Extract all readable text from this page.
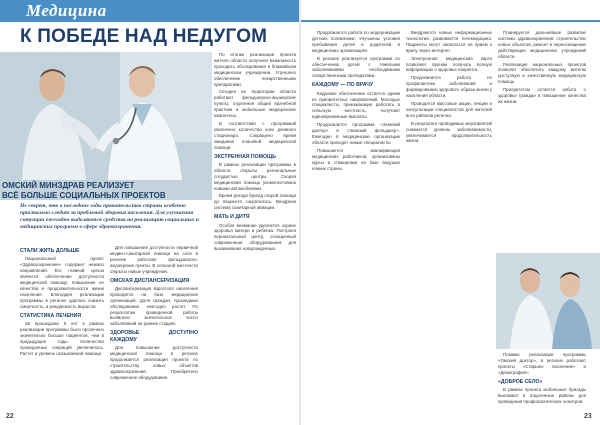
Медицина
К ПОБЕДЕ НАД НЕДУГОМ
ОМСКИЙ МИНЗДРАВ РЕАЛИЗУЕТ
ВСЁ БОЛЬШЕ СОЦИАЛЬНЫХ ПРОЕКТОВ
Не секрет, что в последние годы правительство страны особенно пристально следит за проблемой здоровья населения. Для улучшения ситуации ежегодно выделяются средства на реализацию социальных и медицинских программ в сфере здравоохранения.
СТАЛИ ЖИТЬ ДОЛЬШЕ

Национальный проект «Здравоохранение» содержит немало направлений. Его главной целью является обеспечение доступности медицинской помощи, повышение ее качества и продолжительности жизни населения. Благодаря реализации программы в регионе удалось снизить смертность, а рождаемость выросла.

СТАТИСТИКА ЛЕЧЕНИЯ

За прошедшие 5 лет в рамках реализации программы было пролечено значительно больше пациентов, чем в предыдущие годы. Количество проведенных операций увеличилось. Растет и уровень оказываемой помощи.

Для повышения доступности первичной медико-санитарной помощи на селе в регионе работают фельдшерско-акушерские пункты. В сельской местности открыты новые учреждения.

ОМСКАЯ ДИСПАНСЕРИЗАЦИЯ

Диспансеризация взрослого населения проводится на базе медицинских организаций. Доля граждан, прошедших обследование, ежегодно растет. По результатам проведенной работы выявлено значительное число заболеваний на ранних стадиях.

ЗДОРОВЬЕ ДОСТУПНО КАЖДОМУ

Для повышения доступности медицинской помощи в регионе продолжается реализация проекта по строительству новых объектов здравоохранения. Приобретено современное оборудование.

По итогам реализации проекта жители области получили возможность проходить обследования в ближайшем медицинском учреждении. Улучшено обеспечение лекарственными препаратами.

Сегодня на территории области работают фельдшерско-акушерские пункты, отделения общей врачебной практики и мобильные медицинские комплексы.

В соответствии с программой увеличено количество коек дневного стационара. Сокращено время ожидания плановой медицинской помощи.

ЭКСТРЕННАЯ ПОМОЩЬ

В рамках реализации программы в области открыты региональные сосудистые центры. Скорая медицинская помощь укомплектована новыми автомобилями.

Время доезда бригад скорой помощи до пациента сократилось. Внедрена система санитарной авиации.

МАТЬ И ДИТЯ

Особое внимание уделяется охране здоровья матери и ребенка. Построен перинатальный центр, оснащенный современным оборудованием для выхаживания новорожденных.

Продолжается работа по модернизации детских поликлиник. Улучшены условия пребывания детей и родителей в медицинских организациях.

В регионе реализуется программа по обеспечению детей с тяжелыми заболеваниями необходимыми лекарственными препаратами.

КАЖДОМУ — ПО ВРАЧУ

Кадровое обеспечение остается одним из приоритетных направлений. Молодые специалисты, приезжающие работать в сельскую местность, получают единовременные выплаты.

Продолжается программа «Земский доктор» и «Земский фельдшер». Ежегодно в медицинские организации области приходят новые специалисты.

Повышается квалификация медицинских работников, организованы курсы и стажировки на базе ведущих клиник страны.

Внедряются новые информационные технологии, развивается телемедицина. Пациенты могут записаться на прием к врачу через интернет.

Электронная медицинская карта позволяет врачам получать полную информацию о здоровье пациента.

Продолжается работа по профилактике заболеваний и формированию здорового образа жизни у населения области.

Проводятся массовые акции, лекции и консультации специалистов для жителей всех районов региона.

В результате проводимых мероприятий снижается уровень заболеваемости, увеличивается продолжительность жизни.

Планируется дальнейшее развитие системы здравоохранения: строительство новых объектов, ремонт и переоснащение действующих медицинских учреждений области.

Реализация национальных проектов позволит обеспечить каждому жителю доступную и качественную медицинскую помощь.

Приоритетом остается забота о здоровье граждан и повышение качества их жизни.

Помимо реализации программы «Омский доктор», в регионе работают проекты «Старшее поколение» и «Демография».

«ДОБРОЕ СЕЛО»

В рамках проекта мобильные бригады выезжают в отдаленные районы для проведения профилактических осмотров.

22	23
